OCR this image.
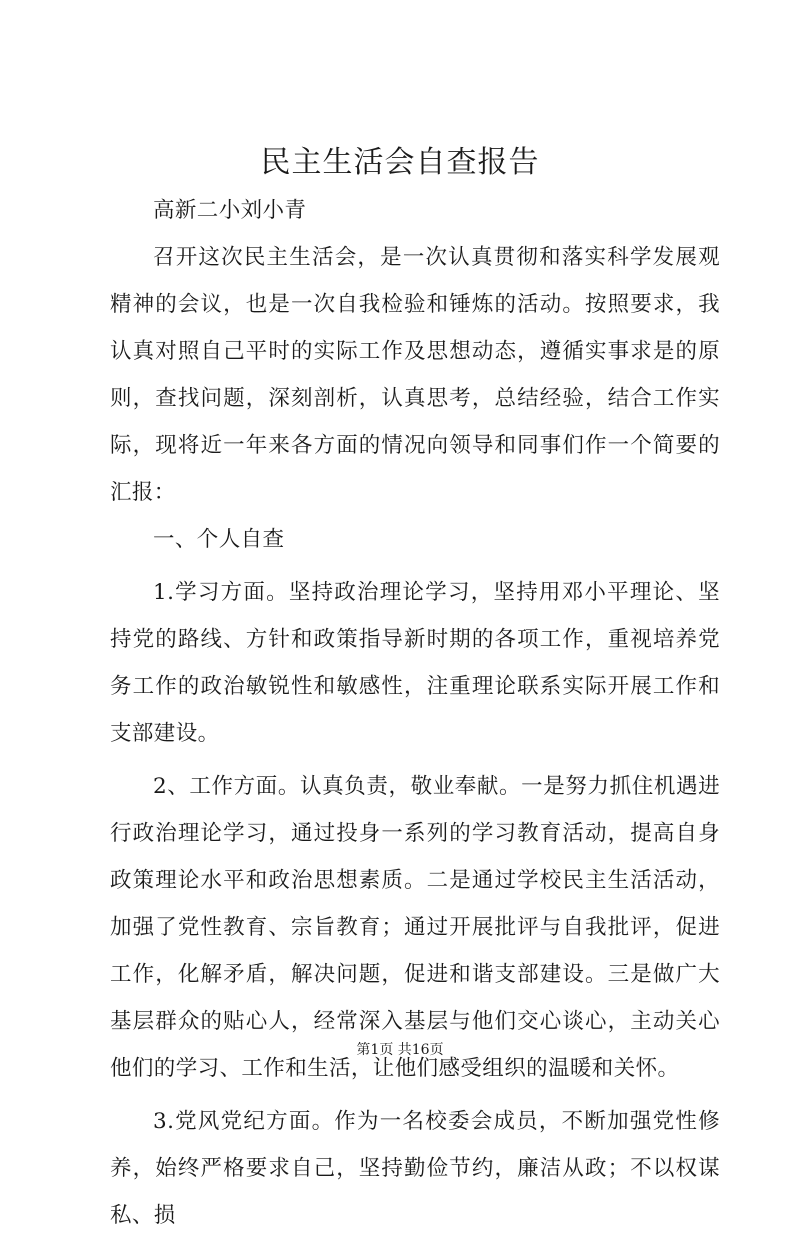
民主生活会自查报告

高新二小刘小青

召开这次民主生活会，是一次认真贯彻和落实科学发展观精神的会议，也是一次自我检验和锤炼的活动。按照要求，我认真对照自己平时的实际工作及思想动态，遵循实事求是的原则，查找问题，深刻剖析，认真思考，总结经验，结合工作实际，现将近一年来各方面的情况向领导和同事们作一个简要的汇报：

一、个人自查

1.学习方面。坚持政治理论学习，坚持用邓小平理论、坚持党的路线、方针和政策指导新时期的各项工作，重视培养党务工作的政治敏锐性和敏感性，注重理论联系实际开展工作和支部建设。

2、工作方面。认真负责，敬业奉献。一是努力抓住机遇进行政治理论学习，通过投身一系列的学习教育活动，提高自身政策理论水平和政治思想素质。二是通过学校民主生活活动，加强了党性教育、宗旨教育；通过开展批评与自我批评，促进工作，化解矛盾，解决问题，促进和谐支部建设。三是做广大基层群众的贴心人，经常深入基层与他们交心谈心，主动关心他们的学习、工作和生活，让他们感受组织的温暖和关怀。

3.党风党纪方面。作为一名校委会成员，不断加强党性修养，始终严格要求自己，坚持勤俭节约，廉洁从政；不以权谋私、损

第1页 共16页
